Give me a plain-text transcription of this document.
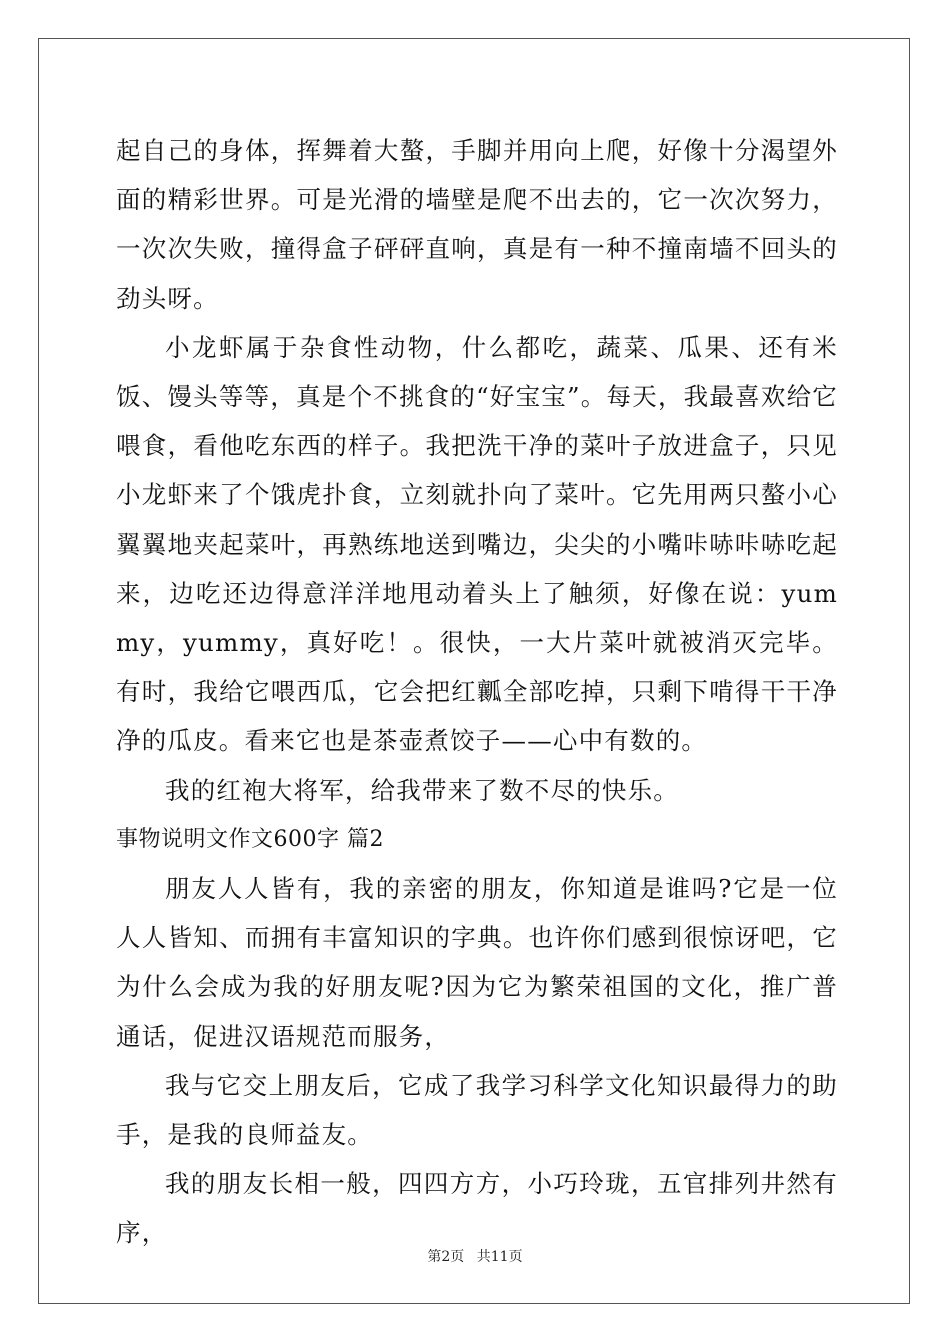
起自己的身体，挥舞着大螯，手脚并用向上爬，好像十分渴望外面的精彩世界。可是光滑的墙壁是爬不出去的，它一次次努力，一次次失败，撞得盒子砰砰直响，真是有一种不撞南墙不回头的劲头呀。

小龙虾属于杂食性动物，什么都吃，蔬菜、瓜果、还有米饭、馒头等等，真是个不挑食的“好宝宝”。每天，我最喜欢给它喂食，看他吃东西的样子。我把洗干净的菜叶子放进盒子，只见小龙虾来了个饿虎扑食，立刻就扑向了菜叶。它先用两只螯小心翼翼地夹起菜叶，再熟练地送到嘴边，尖尖的小嘴咔哧咔哧吃起来，边吃还边得意洋洋地甩动着头上了触须，好像在说：yummy，yummy，真好吃！。很快，一大片菜叶就被消灭完毕。有时，我给它喂西瓜，它会把红瓤全部吃掉，只剩下啃得干干净净的瓜皮。看来它也是茶壶煮饺子——心中有数的。

我的红袍大将军，给我带来了数不尽的快乐。

事物说明文作文600字 篇2

朋友人人皆有，我的亲密的朋友，你知道是谁吗?它是一位人人皆知、而拥有丰富知识的字典。也许你们感到很惊讶吧，它为什么会成为我的好朋友呢?因为它为繁荣祖国的文化，推广普通话，促进汉语规范而服务，

我与它交上朋友后，它成了我学习科学文化知识最得力的助手，是我的良师益友。

我的朋友长相一般，四四方方，小巧玲珑，五官排列井然有序，

第2页 共11页
